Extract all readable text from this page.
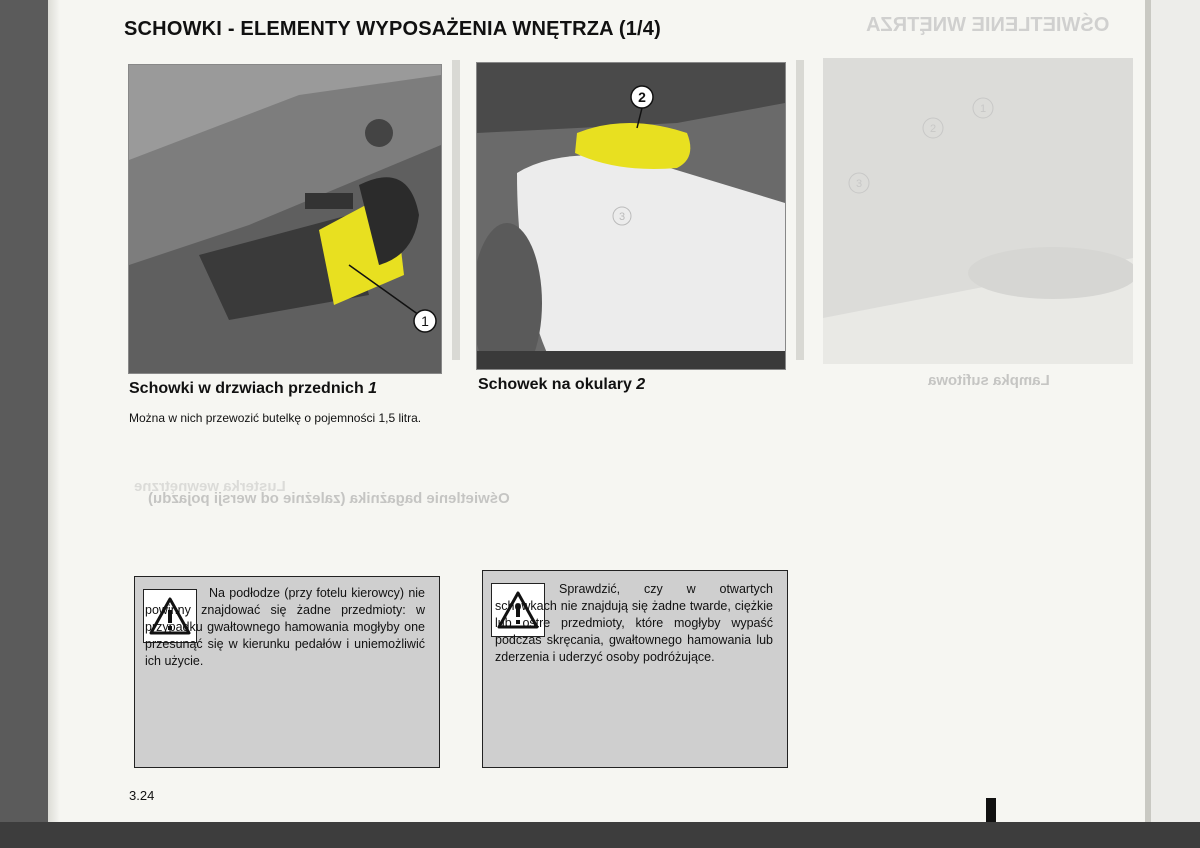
SCHOWKI - ELEMENTY WYPOSAŻENIA WNĘTRZA (1/4)	OŚWIETLENIE WNĘTRZA
1
2
3
1
2
3

Schowki w drzwiach przednich 1

Można w nich przewozić butelkę o pojemności 1,5 litra.

Schowek na okulary 2	Lampka sufitowa
Oświetlenie bagażnika (zależnie od wersji pojazdu)
Lusterka wewnętrzne

Na podłodze (przy fotelu kierowcy) nie powinny znajdować się żadne przedmioty: w przypadku gwałtownego hamowania mogłyby one przesunąć się w kierunku pedałów i uniemożliwić ich użycie.

Sprawdzić, czy w otwartych schowkach nie znajdują się żadne twarde, ciężkie lub ostre przedmioty, które mogłyby wypaść podczas skręcania, gwałtownego hamowania lub zderzenia i uderzyć osoby podróżujące.

3.24
